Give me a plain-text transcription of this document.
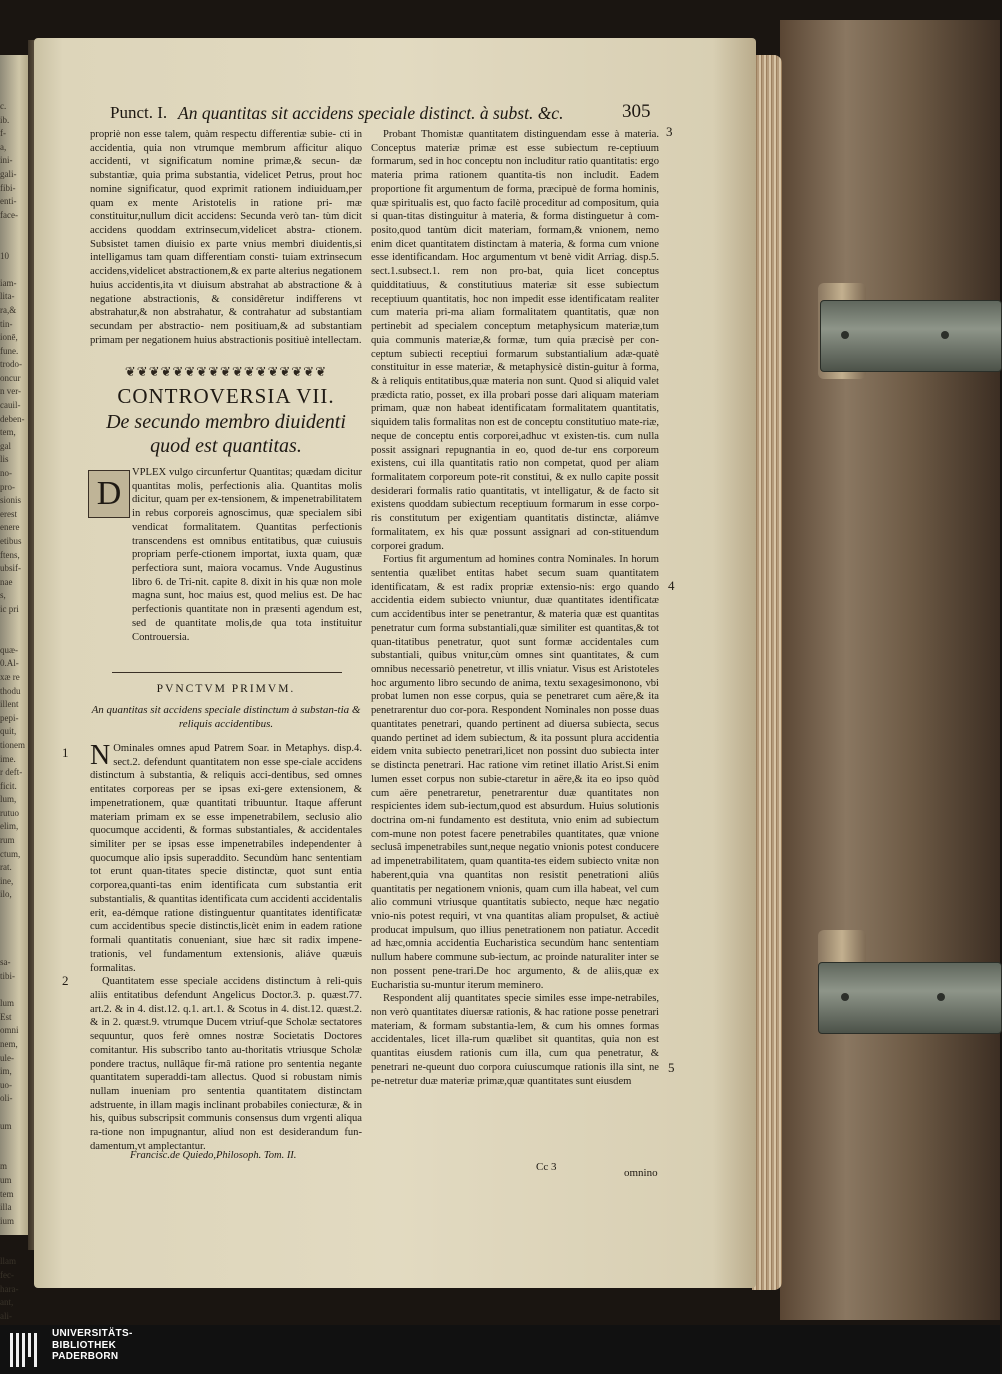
c.
ib.
f-
a,
ini-
gali-
fibi-
enti-
face-

10

iam-
lita-
ra,&
tin-
ionē,
fune.
trodo-
oncur
n ver-
cauil-
deben-
tem,
gal
lis
no-
pro-
sionis
erest
enere
etibus
ftens,
ubsif-
nae
s,
ic pri

quæ-
0.Al-
xæ re
thodu
illent
pepi-
quit,
tionem
ime.
r deft-
ficit.
lum,
rutuo
elim,
rum
ctum,
rat.
ine,
ilo,

sa-
tibi-

lum
Est
omni
nem,
ule-
im,
uo-
oli-

um

m
um
tem
illa
ium

llam
fec-
hara-
ant,
ali-
Punct. I. An quantitas sit accidens speciale distinct. à subst. &c.	305

propriè non esse talem, quàm respectu differentiæ subie- cti in accidentia, quia non vtrumque membrum afficitur aliquo accidenti, vt significatum nomine primæ,& secun- dæ substantiæ, quia prima substantia, videlicet Petrus, prout hoc nomine significatur, quod exprimit rationem indiuiduam,per quam ex mente Aristotelis in ratione pri- mæ constituitur,nullum dicit accidens: Secunda verò tan- tùm dicit accidens quoddam extrinsecum,videlicet abstra- ctionem. Subsistet tamen diuisio ex parte vnius membri diuidentis,si intelligamus tam quam differentiam consti- tuiam extrinsecum accidens,videlicet abstractionem,& ex parte alterius negationem huius accidentis,ita vt diuisum abstrahat ab abstractione & à negatione abstractionis, & considêretur indifferens vt abstrahatur,& non abstrahatur, & contrahatur ad substantiam secundam per abstractio- nem positiuam,& ad substantiam primam per negationem huius abstractionis positiuè intellectam.

❦❦❦❦❦❦❦❦❦❦❦❦❦❦❦❦❦
CONTROVERSIA VII.
De secundo membro diuidenti quod est quantitas.
D

VPLEX vulgo circunfertur Quantitas; quædam dicitur quantitas molis, perfectionis alia. Quantitas molis dicitur, quam per ex-tensionem, & impenetrabilitatem in rebus corporeis agnoscimus, quæ specialem sibi vendicat formalitatem. Quantitas perfectionis transcendens est omnibus entitatibus, quæ cuiusuis propriam perfe-ctionem importat, iuxta quam, quæ perfectiora sunt, maiora vocamus. Vnde Augustinus libro 6. de Tri-nit. capite 8. dixit in his quæ non mole magna sunt, hoc maius est, quod melius est. De hac perfectionis quantitate non in præsenti agendum est, sed de quantitate molis,de qua tota instituitur Controuersia.

PVNCTVM PRIMVM.
An quantitas sit accidens speciale distinctum à substan-tia & reliquis accidentibus.

N Ominales omnes apud Patrem Soar. in Metaphys. disp.4. sect.2. defendunt quantitatem non esse spe-ciale accidens distinctum à substantia, & reliquis acci-dentibus, sed omnes entitates corporeas per se ipsas exi-gere extensionem, & impenetrationem, quæ quantitati tribuuntur. Itaque afferunt materiam primam ex se esse impenetrabilem, seclusio alio quocumque accidenti, & formas substantiales, & accidentales similiter per se ipsas esse impenetrabiles independenter à quocumque alio ipsis superaddito. Secundùm hanc sententiam tot erunt quan-titates specie distinctæ, quot sunt entia corporea,quanti-tas enim identificata cum substantia erit substantialis, & quantitas identificata cum accidenti accidentalis erit, ea-démque ratione distinguentur quantitates identificatæ cum accidentibus specie distinctis,licèt enim in eadem ratione formali quantitatis conueniant, siue hæc sit radix impene-trationis, vel fundamentum extensionis, aliáve quæuis formalitas.

Quantitatem esse speciale accidens distinctum à reli-quis aliis entitatibus defendunt Angelicus Doctor.3. p. quæst.77. art.2. & in 4. dist.12. q.1. art.1. & Scotus in 4. dist.12. quæst.2. & in 2. quæst.9. vtrumque Ducem vtriuf-que Scholæ sectatores sequuntur, quos ferè omnes nostræ Societatis Doctores comitantur. His subscribo tanto au-thoritatis vtriusque Scholæ pondere tractus, nullâque fir-mâ ratione pro sententia negante quantitatem superaddi-tam allectus. Quod si robustam nimis nullam inueniam pro sententia quantitatem distinctam adstruente, in illam magis inclinant probabiles coniecturæ, & in his, quibus subscripsit communis consensus dum vrgenti aliqua ra-tione non impugnantur, aliud non est desiderandum fun-damentum,vt amplectantur.

Probant Thomistæ quantitatem distinguendam esse à materia. Conceptus materiæ primæ est esse subiectum re-ceptiuum formarum, sed in hoc conceptu non includitur ratio quantitatis: ergo materia prima rationem quantita-tis non includit. Eadem proportione fit argumentum de forma, præcipuè de forma hominis, quæ spiritualis est, quo facto facilè proceditur ad compositum, quia si quan-titas distinguitur à materia, & forma distinguetur à com-posito,quod tantùm dicit materiam, formam,& vnionem, nemo enim dicet quantitatem distinctam à materia, & forma cum vnione esse identificandam. Hoc argumentum vt benè vidit Arriag. disp.5. sect.1.subsect.1. rem non pro-bat, quia licet conceptus quidditatiuus, & constitutiuus materiæ sit esse subiectum receptiuum quantitatis, hoc non impedit esse identificatam realiter cum materia pri-ma aliam formalitatem quantitatis, quæ non pertinebit ad specialem conceptum metaphysicum materiæ,tum quia communis materiæ,& formæ, tum quia præcisè per con-ceptum subiecti receptiui formarum substantialium adæ-quatè constituitur in esse materiæ, & metaphysicè distin-guitur à forma, & à reliquis entitatibus,quæ materia non sunt. Quod si aliquid valet prædicta ratio, posset, ex illa probari posse dari aliquam materiam primam, quæ non habeat identificatam formalitatem quantitatis, siquidem talis formalitas non est de conceptu constitutiuo mate-riæ, neque de conceptu entis corporei,adhuc vt existen-tis. cum nulla possit assignari repugnantia in eo, quod de-tur ens corporeum existens, cui illa quantitatis ratio non competat, quod per aliam formalitatem corporeum pote-rit constitui, & ex nullo capite possit desiderari formalis ratio quantitatis, vt intelligatur, & de facto sit existens quoddam subiectum receptiuum formarum in esse corpo-ris constitutum per exigentiam quantitatis distinctæ, aliámve formalitatem, ex his quæ possunt assignari ad con-stituendum corporei gradum.

Fortius fit argumentum ad homines contra Nominales. In horum sententia quælibet entitas habet secum suam quantitatem identificatam, & est radix propriæ extensio-nis: ergo quando accidentia eidem subiecto vniuntur, duæ quantitates identificatæ cum accidentibus inter se penetrantur, & materia quæ est quantitas penetratur cum forma substantiali,quæ similiter est quantitas,& tot quan-titatibus penetratur, quot sunt formæ accidentales cum substantiali, quibus vnitur,cùm omnes sint quantitates, & cum omnibus necessariò penetretur, vt illis vniatur. Visus est Aristoteles hoc argumento libro secundo de anima, textu sexagesimonono, vbi probat lumen non esse corpus, quia se penetraret cum aëre,& ita penetrarentur duo cor-pora. Respondent Nominales non posse duas quantitates penetrari, quando pertinent ad diuersa subiecta, secus quando pertinet ad idem subiectum, & ita possunt plura accidentia eidem vnita subiecto penetrari,licet non possint duo subiecta inter se distincta penetrari. Hac ratione vim retinet illatio Arist.Si enim lumen esset corpus non subie-ctaretur in aëre,& ita eo ipso quòd cum aëre penetraretur, penetrarentur duæ quantitates non respicientes idem sub-iectum,quod est absurdum. Huius solutionis doctrina om-ni fundamento est destituta, vnio enim ad subiectum com-mune non potest facere penetrabiles quantitates, quæ vnione seclusâ impenetrabiles sunt,neque negatio vnionis potest conducere ad impenetrabilitatem, quam quantita-tes eidem subiecto vnitæ non haberent,quia vna quantitas non resistit penetrationi aliûs quantitatis per negationem vnionis, quam cum illa habeat, vel cum alio communi vtriusque quantitatis subiecto, neque hæc negatio vnio-nis potest requiri, vt vna quantitas aliam propulset, & actiuè producat impulsum, quo illius penetrationem non patiatur. Accedit ad hæc,omnia accidentia Eucharistica secundùm hanc sententiam nullum habere commune sub-iectum, ac proinde naturaliter inter se non possent pene-trari.De hoc argumento, & de aliis,quæ ex Eucharistia su-muntur iterum meminero.

Respondent alij quantitates specie similes esse impe-netrabiles, non verò quantitates diuersæ rationis, & hac ratione posse penetrari materiam, & formam substantia-lem, & cum his omnes formas accidentales, licet illa-rum quælibet sit quantitas, quia non est quantitas eiusdem rationis cum illa, cum qua penetratur, & penetrari ne-queunt duo corpora cuiuscumque rationis illa sint, ne pe-netretur duæ materiæ primæ,quæ quantitates sunt eiusdem

3
4
5
1
2
Francisc.de Quiedo,Philosoph. Tom. II.
Cc 3	omnino
UNIVERSITÄTS-
BIBLIOTHEK
PADERBORN
